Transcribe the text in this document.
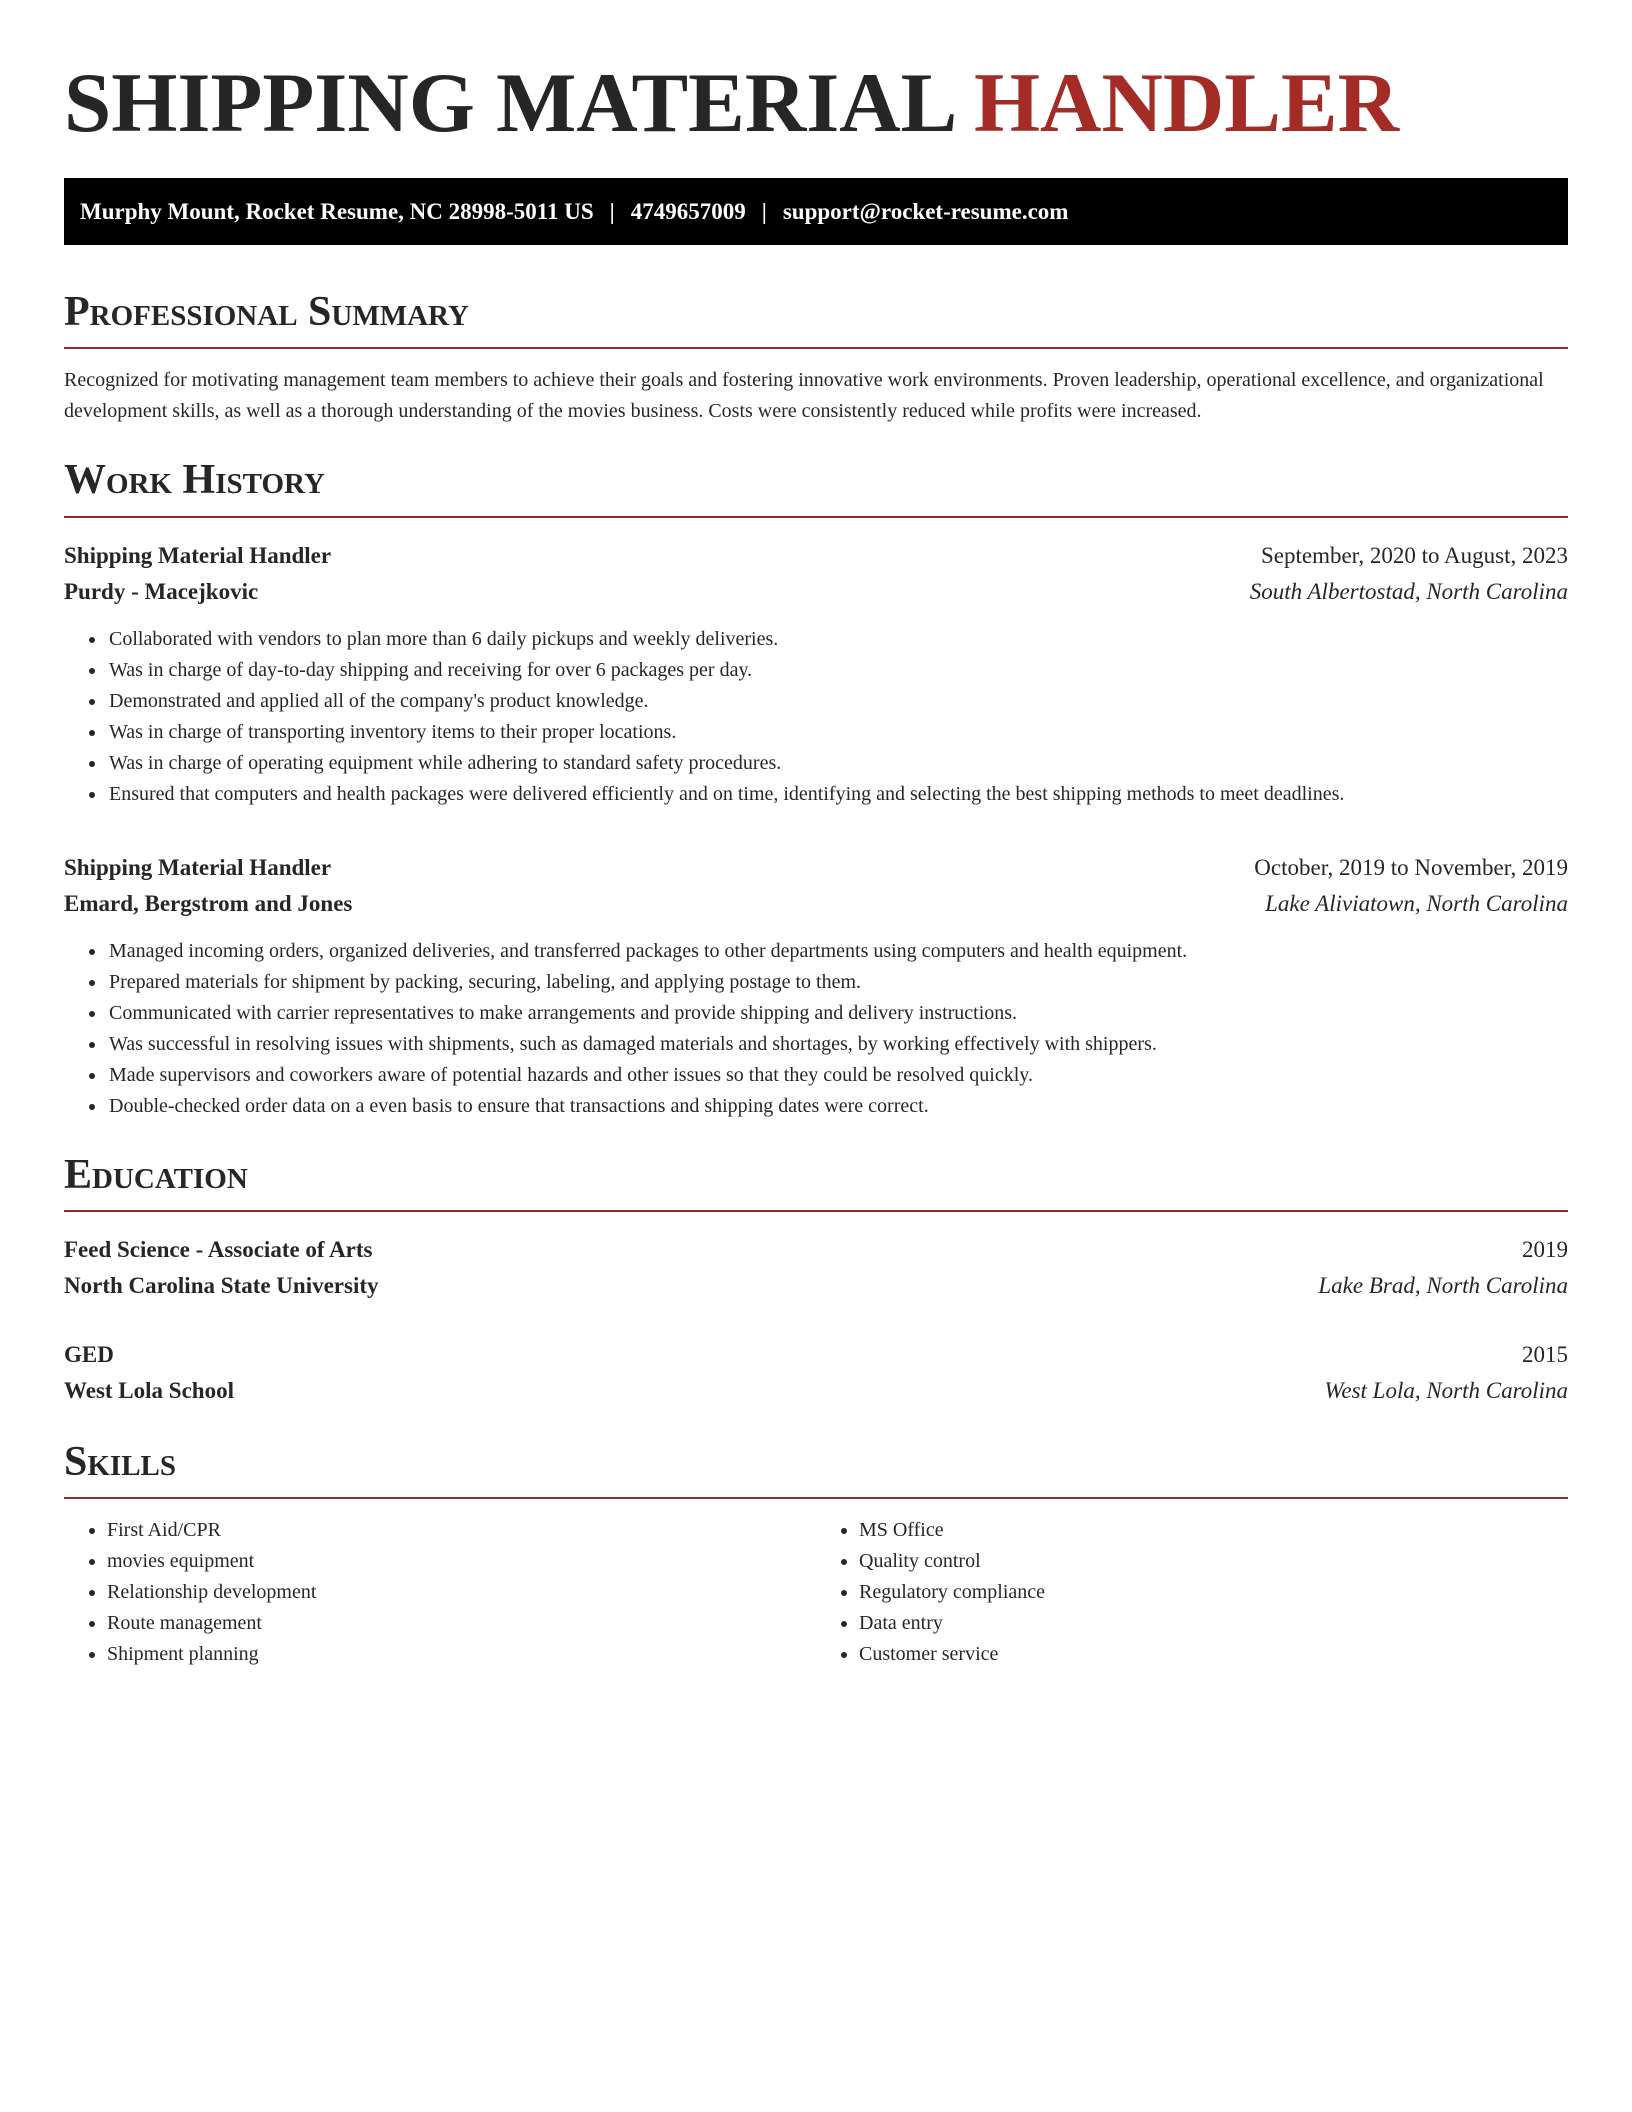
SHIPPING MATERIAL HANDLER
Murphy Mount, Rocket Resume, NC 28998-5011 US | 4749657009 | support@rocket-resume.com
Professional Summary

Recognized for motivating management team members to achieve their goals and fostering innovative work environments. Proven leadership, operational excellence, and organizational development skills, as well as a thorough understanding of the movies business. Costs were consistently reduced while profits were increased.

Work History
Shipping Material Handler	September, 2020 to August, 2023
Purdy - Macejkovic	South Albertostad, North Carolina
• Collaborated with vendors to plan more than 6 daily pickups and weekly deliveries.
• Was in charge of day-to-day shipping and receiving for over 6 packages per day.
• Demonstrated and applied all of the company's product knowledge.
• Was in charge of transporting inventory items to their proper locations.
• Was in charge of operating equipment while adhering to standard safety procedures.
• Ensured that computers and health packages were delivered efficiently and on time, identifying and selecting the best shipping methods to meet deadlines.
Shipping Material Handler	October, 2019 to November, 2019
Emard, Bergstrom and Jones	Lake Aliviatown, North Carolina
• Managed incoming orders, organized deliveries, and transferred packages to other departments using computers and health equipment.
• Prepared materials for shipment by packing, securing, labeling, and applying postage to them.
• Communicated with carrier representatives to make arrangements and provide shipping and delivery instructions.
• Was successful in resolving issues with shipments, such as damaged materials and shortages, by working effectively with shippers.
• Made supervisors and coworkers aware of potential hazards and other issues so that they could be resolved quickly.
• Double-checked order data on a even basis to ensure that transactions and shipping dates were correct.
Education
Feed Science - Associate of Arts	2019
North Carolina State University	Lake Brad, North Carolina
GED	2015
West Lola School	West Lola, North Carolina
Skills
• First Aid/CPR
• movies equipment
• Relationship development
• Route management
• Shipment planning
• MS Office
• Quality control
• Regulatory compliance
• Data entry
• Customer service
